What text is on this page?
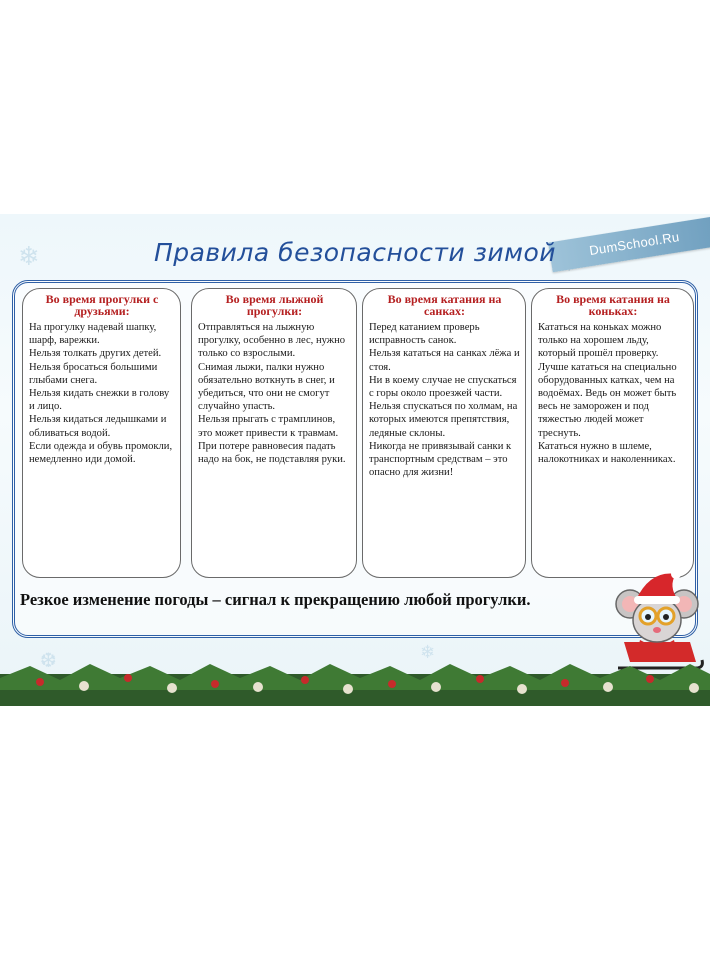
❄
❆	❄
DumSchool.Ru
Правила безопасности зимой
Во время прогулки с друзьями:
На прогулку надевай шапку, шарф, варежки.
Нельзя толкать других детей.
Нельзя бросаться большими глыбами снега.
Нельзя кидать снежки в голову и лицо.
Нельзя кидаться ледышками и обливаться водой.
Если одежда и обувь промокли, немедленно иди домой.
Во время лыжной прогулки:
Отправляться на лыжную прогулку, особенно в лес, нужно только со взрослыми.
Снимая лыжи, палки нужно обязательно воткнуть в снег, и убедиться, что они не смогут случайно упасть.
Нельзя прыгать с трамплинов, это может привести к травмам.
При потере равновесия падать надо на бок, не подставляя руки.
Во время катания на санках:
Перед катанием проверь исправность санок.
Нельзя кататься на санках лёжа и стоя.
Ни в коему случае не спускаться с горы около проезжей части.
Нельзя спускаться по холмам, на которых имеются препятствия, ледяные склоны.
Никогда не привязывай санки к транспортным средствам – это опасно для жизни!
Во время катания на коньках:
Кататься на коньках можно только на хорошем льду, который прошёл проверку.
Лучше кататься на специально оборудованных катках, чем на водоёмах. Ведь он может быть весь не заморожен и под тяжестью людей может треснуть.
Кататься нужно в шлеме, налокотниках и наколенниках.
Резкое изменение погоды – сигнал к прекращению любой прогулки.
